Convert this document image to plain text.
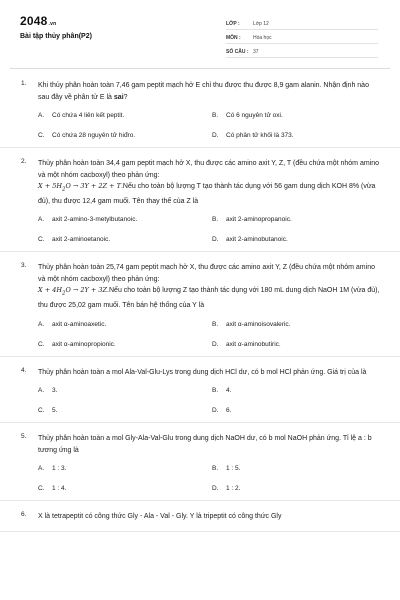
2048.vn
Bài tập thủy phân(P2)
LỚP :	Lớp 12
MÔN :	Hóa học
SỐ CÂU : 37
1. Khi thủy phân hoàn toàn 7,46 gam peptit mạch hở E chỉ thu được thu được 8,9 gam alanin. Nhận định nào sau đây về phân tử E là sai?
A. Có chứa 4 liên kết peptit.	B. Có 6 nguyên tử oxi.
C. Có chứa 28 nguyên tử hiđro.	D. Có phân tử khối là 373.
2. Thủy phân hoàn toàn 34,4 gam peptit mạch hở X, thu được các amino axit Y, Z, T (đều chứa một nhóm amino và một nhóm cacboxyl) theo phản ứng:
$X + 5H_2O \to 3Y + 2Z$ + T.Nếu cho toàn bộ lượng T tạo thành tác dụng với 56 gam dung dịch KOH 8% (vừa đủ), thu được 12,4 gam muối. Tên thay thế của Z là
A. axit 2-amino-3-metylbutanoic.	B. axit 2-aminopropanoic.
C. axit 2-aminoetanoic.	D. axit 2-aminobutanoic.
3. Thủy phân hoàn toàn 25,74 gam peptit mạch hở X, thu được các amino axit Y, Z (đều chứa một nhóm amino và một nhóm cacboxyl) theo phản ứng:
$X + 4H_2O \to 2Y$ + 3Z.Nếu cho toàn bộ lượng Z tạo thành tác dụng với 180 mL dung dịch NaOH 1M (vừa đủ), thu được 25,02 gam muối. Tên bán hệ thống của Y là
A. axit α-aminoaxetic.	B. axit α-aminoisovaleric.
C. axit α-aminopropionic.	D. axit α-aminobutiric.
4. Thủy phân hoàn toàn a mol Ala-Val-Glu-Lys trong dung dịch HCl dư, có b mol HCl phản ứng. Giá trị của là
A. 3.	B. 4.
C. 5.	D. 6.
5. Thủy phân hoàn toàn a mol Gly-Ala-Val-Glu trong dung dịch NaOH dư, có b mol NaOH phản ứng. Tỉ lệ a : b tương ứng là
A. 1 : 3.	B. 1 : 5.
C. 1 : 4.	D. 1 : 2.
6. X là tetrapeptit có công thức Gly - Ala - Val - Gly. Y là tripeptit có công thức Gly
